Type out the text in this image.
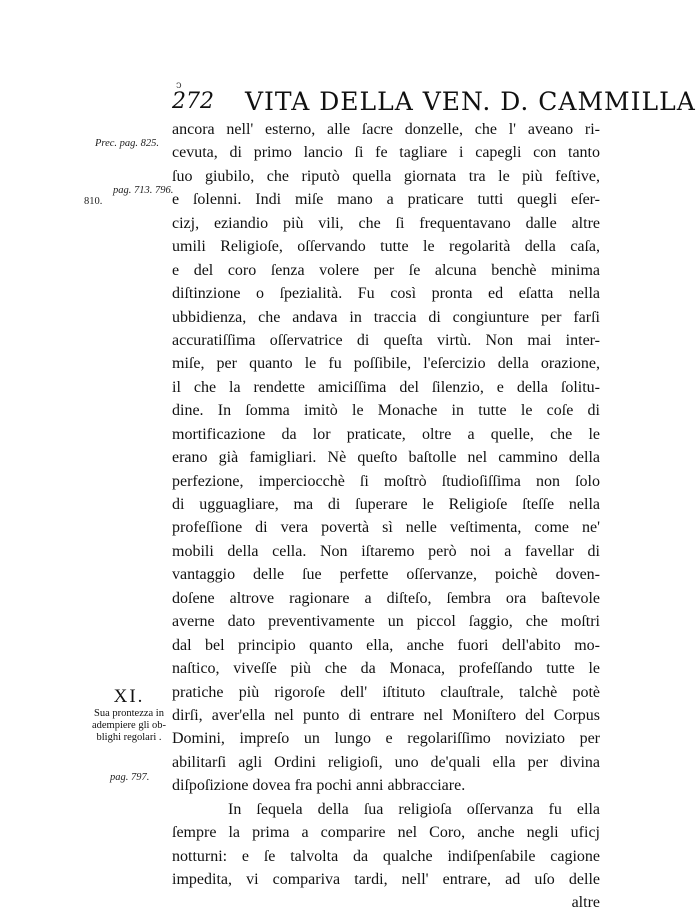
ↄ
272 VITA DELLA VEN. D. CAMMILLA
Prec. pag. 825.
pag. 713. 796.
810.
pag. 797.
XI.
Sua prontezza in
adempiere gli ob-
blighi regolari .
ancora nell' esterno, alle ſacre donzelle, che l' aveano ri-
cevuta, di primo lancio ſi fe tagliare i capegli con tanto
ſuo giubilo, che riputò quella giornata tra le più feſtive,
e ſolenni. Indi miſe mano a praticare tutti quegli eſer-
cizj, eziandio più vili, che ſi frequentavano dalle altre
umili Religioſe, oſſervando tutte le regolarità della caſa,
e del coro ſenza volere per ſe alcuna benchè minima
diſtinzione o ſpezialità. Fu così pronta ed eſatta nella
ubbidienza, che andava in traccia di congiunture per farſi
accuratiſſima oſſervatrice di queſta virtù. Non mai inter-
miſe, per quanto le fu poſſibile, l'eſercizio della orazione,
il che la rendette amiciſſima del ſilenzio, e della ſolitu-
dine. In ſomma imitò le Monache in tutte le coſe di
mortificazione da lor praticate, oltre a quelle, che le
erano già famigliari. Nè queſto baſtolle nel cammino della
perfezione, imperciocchè ſi moſtrò ſtudioſiſſima non ſolo
di ugguagliare, ma di ſuperare le Religioſe ſteſſe nella
profeſſione di vera povertà sì nelle veſtimenta, come ne'
mobili della cella. Non iſtaremo però noi a favellar di
vantaggio delle ſue perfette oſſervanze, poichè doven-
doſene altrove ragionare a diſteſo, ſembra ora baſtevole
averne dato preventivamente un piccol ſaggio, che moſtri
dal bel principio quanto ella, anche fuori dell'abito mo-
naſtico, viveſſe più che da Monaca, profeſſando tutte le
pratiche più rigoroſe dell' iſtituto clauſtrale, talchè potè
dirſi, aver'ella nel punto di entrare nel Moniſtero del Corpus
Domini, impreſo un lungo e regolariſſimo noviziato per
abilitarſi agli Ordini religioſi, uno de'quali ella per divina
diſpoſizione dovea fra pochi anni abbracciare.
In ſequela della ſua religioſa oſſervanza fu ella
ſempre la prima a comparire nel Coro, anche negli uficj
notturni: e ſe talvolta da qualche indiſpenſabile cagione
impedita, vi compariva tardi, nell' entrare, ad uſo delle
altre
